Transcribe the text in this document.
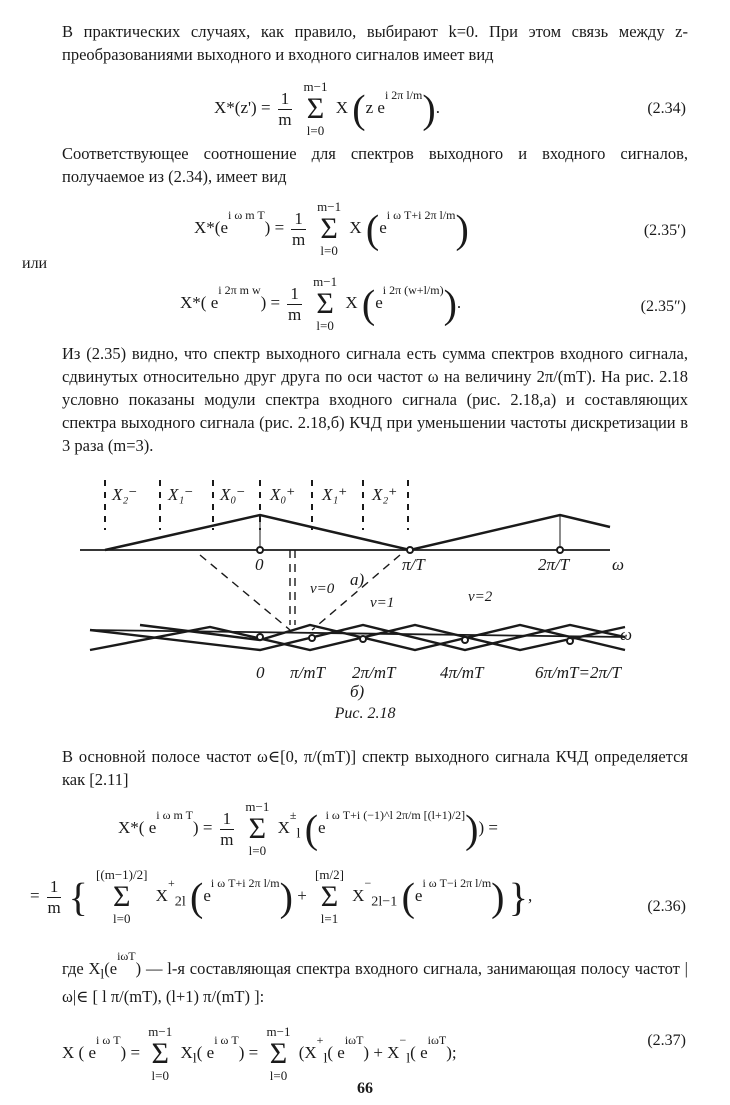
В практических случаях, как правило, выбирают k=0. При этом связь между z-преобразованиями выходного и входного сигналов имеет вид
$X*(z') = \frac{1}{m}$
m−1
Σ
l=0 X (z $e^{i 2\pi l/m}$).	(2.34)
Соответствующее соотношение для спектров выходного и входного сигналов, получаемое из (2.34), имеет вид
$X*(e^{i \omega m T}) = \frac{1}{m}$
m−1
Σ
l=0 X $(e^{i \omega T+i 2\pi l/m})$	(2.35′)
или
X*( $e^{i 2\pi m w}) = \frac{1}{m}$
m−1
Σ
l=0 X $(e^{i 2\pi (w+l/m)})$.	(2.35″)
Из (2.35) видно, что спектр выходного сигнала есть сумма спектров входного сигнала, сдвинутых относительно друг друга по оси частот ω на величину 2π/(mT). На рис. 2.18 условно показаны модули спектра входного сигнала (рис. 2.18,a) и составляющих спектра выходного сигнала (рис. 2.18,б) КЧД при уменьшении частоты дискретизации в 3 раза (m=3).
X₂⁻ X₁⁻ X₀⁻ X₀⁺ X₁⁺ X₂⁺
0	π/T	2π/T	ω
a)
ν=0
ν=1	ν=2
ω
0 π/mT 2π/mT	4π/mT	6π/mT=2π/T
б)
Рис. 2.18
В основной полосе частот ω∈[0, π/(mT)] спектр выходного сигнала КЧД определяется как [2.11]
X*( $e^{i \omega m T}) = \frac{1}{m}$
m−1
Σ
l=0 $X^\pm_l$ $(e^{i \omega T+i (-1)\^{}l 2\pi/m [(l+1)/2]})$) =
= $\frac{1}{m}$ { [(m−1)/2]
Σ
l=0 $X^+_{2l}$ $(e^{i \omega T+i 2\pi l/m}) + [m/2]$
Σ
l=1 $X^-_{2l-1}$ $(e^{i \omega T-i 2\pi l/m})$ },
(2.36)
где $X_l(e^{i\omega T})$ — l-я составляющая спектра входного сигнала, занимающая полосу частот |ω|∈ [ l π/(mT), (l+1) π/(mT) ]:
X ( $e^{i \omega T}) = m-1$
Σ
l=0 $X_l$( $e^{i \omega T}) = m-1$
Σ
l=0 ($X^+_l$( $e^{i\omega T}) + X^-_l$( $e^{i\omega T}$);
(2.37)
66
